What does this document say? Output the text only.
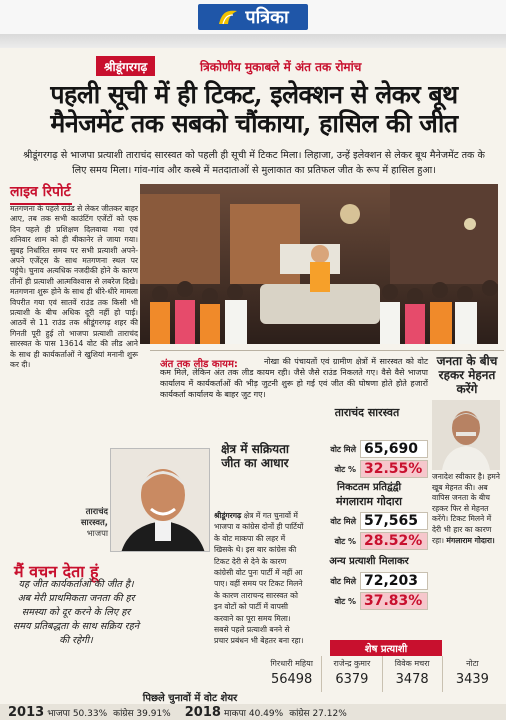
पत्रिका
श्रीडूंगरगढ़	त्रिकोणीय मुकाबले में अंत तक रोमांच
पहली सूची में ही टिकट, इलेक्शन से लेकर बूथ मैनेजमेंट तक सबको चौंकाया, हासिल की जीत
श्रीडूंगरगढ़ से भाजपा प्रत्याशी ताराचंद सारस्वत को पहली ही सूची में टिकट मिला। लिहाजा, उन्हें इलेक्शन से लेकर बूथ मैनेजमेंट तक के लिए समय मिला। गांव-गांव और कस्बे में मतदाताओं से मुलाकात का प्रतिफल जीत के रूप में हासिल हुआ।
लाइव रिपोर्ट
मतगणना के पहले राउंड से लेकर जीतकर बाहर आए, तब तक सभी काउंटिंग एजेंटों को एक दिन पहले ही प्रशिक्षण दिलवाया गया एवं शनिवार शाम को ही बीकानेर ले जाया गया। सुबह निर्धारित समय पर सभी प्रत्याशी अपने-अपने एजेंट्स के साथ मतगणना स्थल पर पहुंचे। चुनाव अत्यधिक नजदीकी होने के कारण तीनों ही प्रत्याशी आत्मविश्वास से लबरेज दिखे। मतगणना शुरू होने के साथ ही धीरे-धीरे मामला विपरीत गया एवं सातवें राउंड तक किसी भी प्रत्याशी के बीच अधिक दूरी नहीं हो पाई। आठवें से 11 राउंड तक श्रीडूंगरगढ़ शहर की गिनती पूरी हुई तो भाजपा प्रत्याशी ताराचंद सारस्वत के पास 13614 वोट की लीड आने के साथ ही कार्यकर्ताओं ने खुशियां मनानी शुरू कर दी।	अंत तक लीड कायम:	नोखा की पंचायतों एवं ग्रामीण क्षेत्रों में सारस्वत को वोट कम मिले, लेकिन अंत तक लीड कायम रही। जैसे जैसे राउंड निकलते गए। वैसे वैसे भाजपा कार्यालय में कार्यकर्ताओं की भीड़ जुटनी शुरू हो गई एवं जीत की घोषणा होते होते हजारों कार्यकर्ता कार्यालय के बाहर जुट गए।
जनता के बीच रहकर मेहनत करेंगे
जनादेश स्वीकार है। हमने खूब मेहनत की। अब वापिस जनता के बीच रहकर फिर से मेहनत करेंगे। टिकट मिलने में देरी भी हार का कारण रहा। मंगलाराम गोदारा।
ताराचंद
सारस्वत,
भाजपा
मैं वचन देता हूं
यह जीत कार्यकर्ताओं की जीत है। अब मेरी प्राथमिकता जनता की हर समस्या को दूर करने के लिए हर समय प्रतिबद्धता के साथ सक्रिय रहने की रहेगी।
क्षेत्र में सक्रियता जीत का आधार
श्रीडूंगरगढ़ क्षेत्र में गत चुनावों में भाजपा व कांग्रेस दोनों ही पार्टियों के वोट माकपा की लहर में खिसके थे। इस बार कांग्रेस की टिकट देरी से देने के कारण कांग्रेसी वोट पुनः पार्टी में नहीं आ पाए। वहीं समय पर टिकट मिलने के कारण ताराचन्द सारस्वत को इन वोटों को पार्टी में वापसी करवाने का पूरा समय मिला। सबसे पहले प्रत्याशी बनने से प्रचार प्रबंधन भी बेहतर बना रहा।
ताराचंद सारस्वत
वोट मिले 65,690
वोट % 32.55%
निकटतम प्रतिद्वंद्वी
मंगलाराम गोदारा
वोट मिले 57,565
वोट % 28.52%
अन्य प्रत्याशी मिलाकर
वोट मिले 72,203
वोट % 37.83%
शेष प्रत्याशी
गिरधारी महिया
56498
राजेन्द्र कुमार
6379
विवेक मचरा
3478
नोटा
3439
पिछले चुनावों में वोट शेयर
2013 भाजपा 50.33% कांग्रेस 39.91% 2018 माकपा 40.49% कांग्रेस 27.12%
